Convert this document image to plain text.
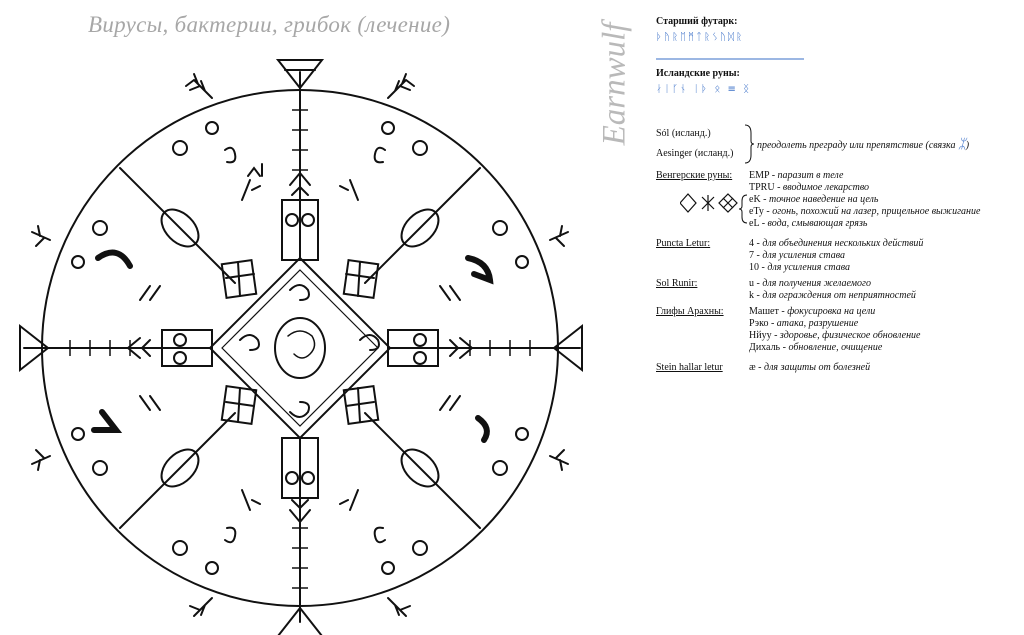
Вирусы, бактерии, грибок (лечение)	Earnwulf
Старший футарк:
ᚦᚤᚱᛖᛗᛏᚱᛊᚢᛞᚱ
Исландские руны:
ᛅᛁᚴᚾ ᛁᚦ ᛟ ≡ ᛝ
Sól (исланд.)
Aesinger (исланд.)
преодолеть преграду или препятствие (связка ᛯ)
Венгерские руны: EMP - паразит в теле
TPRU - вводимое лекарство
eK - точное наведение на цель
eTy - огонь, похожий на лазер, прицельное выжигание
eL - вода, смывающая грязь
Puncta Letur:	4 - для объединения нескольких действий
7 - для усиления става
10 - для усиления става
Sol Runir:	u - для получения желаемого
k - для ограждения от неприятностей
Глифы Арахны:	Машет - фокусировка на цели
Рэко - атака, разрушение
Нйуу - здоровье, физическое обновление
Дихаль - обновление, очищение
Stein hallar letur	æ - для защиты от болезней
